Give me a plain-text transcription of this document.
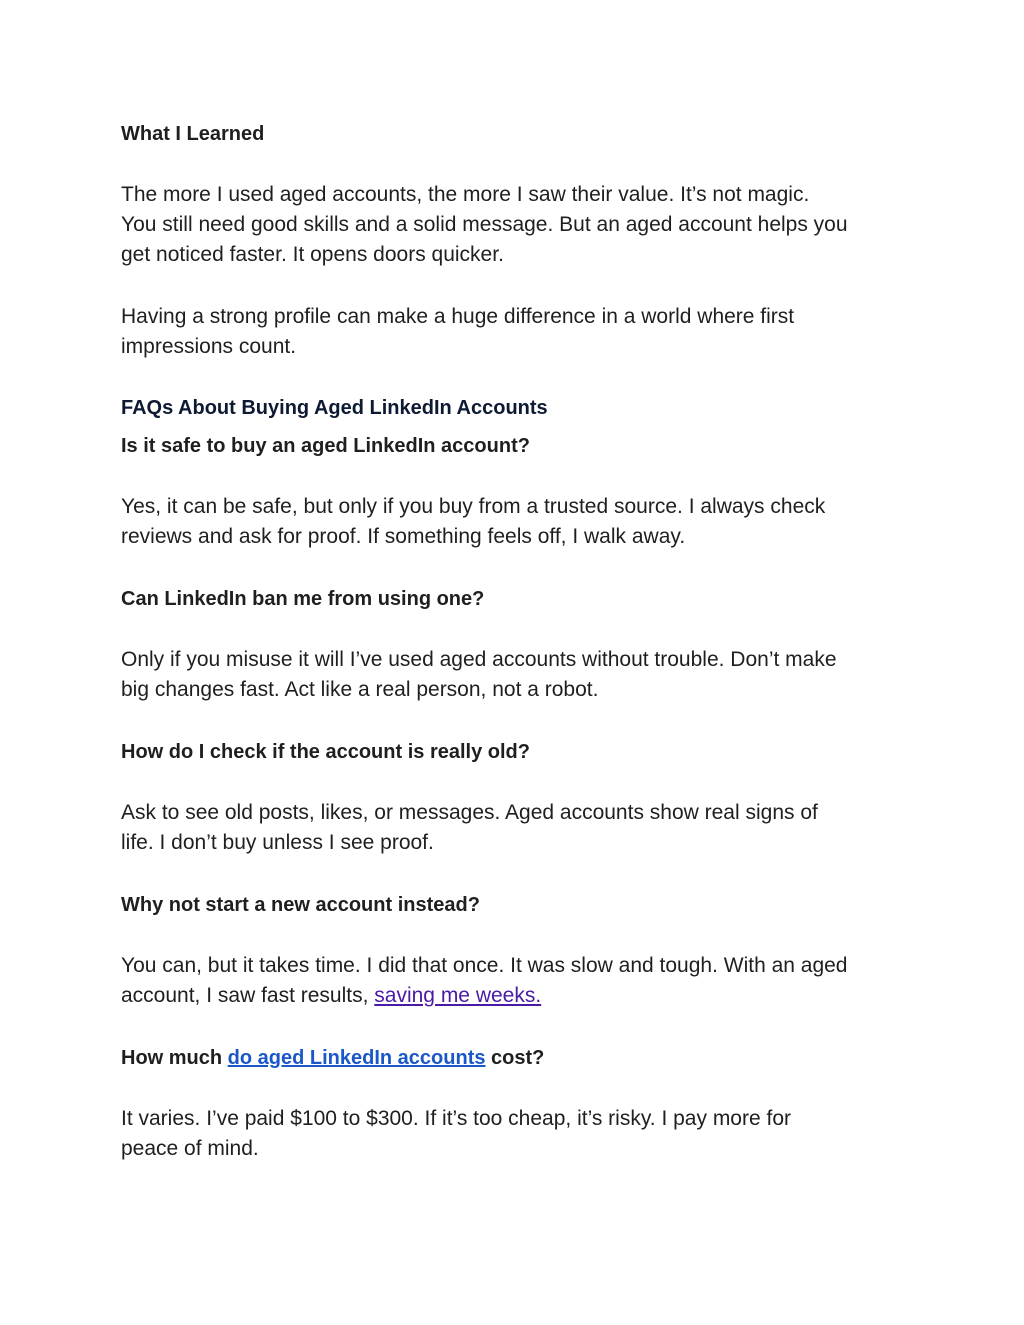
What I Learned
The more I used aged accounts, the more I saw their value. It’s not magic.
You still need good skills and a solid message. But an aged account helps you
get noticed faster. It opens doors quicker.
Having a strong profile can make a huge difference in a world where first
impressions count.
FAQs About Buying Aged LinkedIn Accounts
Is it safe to buy an aged LinkedIn account?
Yes, it can be safe, but only if you buy from a trusted source. I always check
reviews and ask for proof. If something feels off, I walk away.
Can LinkedIn ban me from using one?
Only if you misuse it will I’ve used aged accounts without trouble. Don’t make
big changes fast. Act like a real person, not a robot.
How do I check if the account is really old?
Ask to see old posts, likes, or messages. Aged accounts show real signs of
life. I don’t buy unless I see proof.
Why not start a new account instead?
You can, but it takes time. I did that once. It was slow and tough. With an aged
account, I saw fast results, saving me weeks.
How much do aged LinkedIn accounts cost?
It varies. I’ve paid $100 to $300. If it’s too cheap, it’s risky. I pay more for
peace of mind.
